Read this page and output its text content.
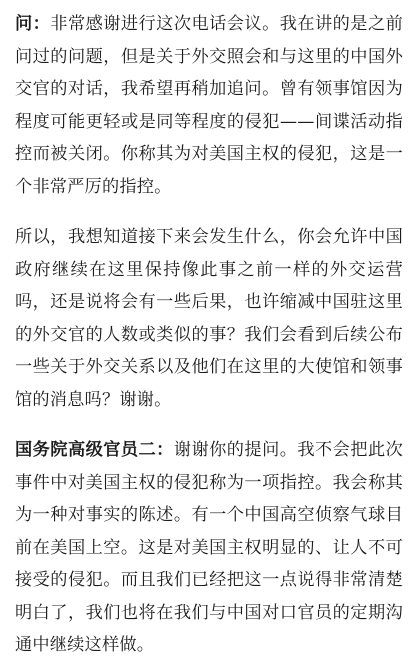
问：非常感谢进行这次电话会议。我在讲的是之前问过的问题，但是关于外交照会和与这里的中国外交官的对话，我希望再稍加追问。曾有领事馆因为程度可能更轻或是同等程度的侵犯——间谍活动指控而被关闭。你称其为对美国主权的侵犯，这是一个非常严厉的指控。

所以，我想知道接下来会发生什么，你会允许中国政府继续在这里保持像此事之前一样的外交运营吗，还是说将会有一些后果，也许缩减中国驻这里的外交官的人数或类似的事？我们会看到后续公布一些关于外交关系以及他们在这里的大使馆和领事馆的消息吗？谢谢。

国务院高级官员二：谢谢你的提问。我不会把此次事件中对美国主权的侵犯称为一项指控。我会称其为一种对事实的陈述。有一个中国高空侦察气球目前在美国上空。这是对美国主权明显的、让人不可接受的侵犯。而且我们已经把这一点说得非常清楚明白了，我们也将在我们与中国对口官员的定期沟通中继续这样做。
